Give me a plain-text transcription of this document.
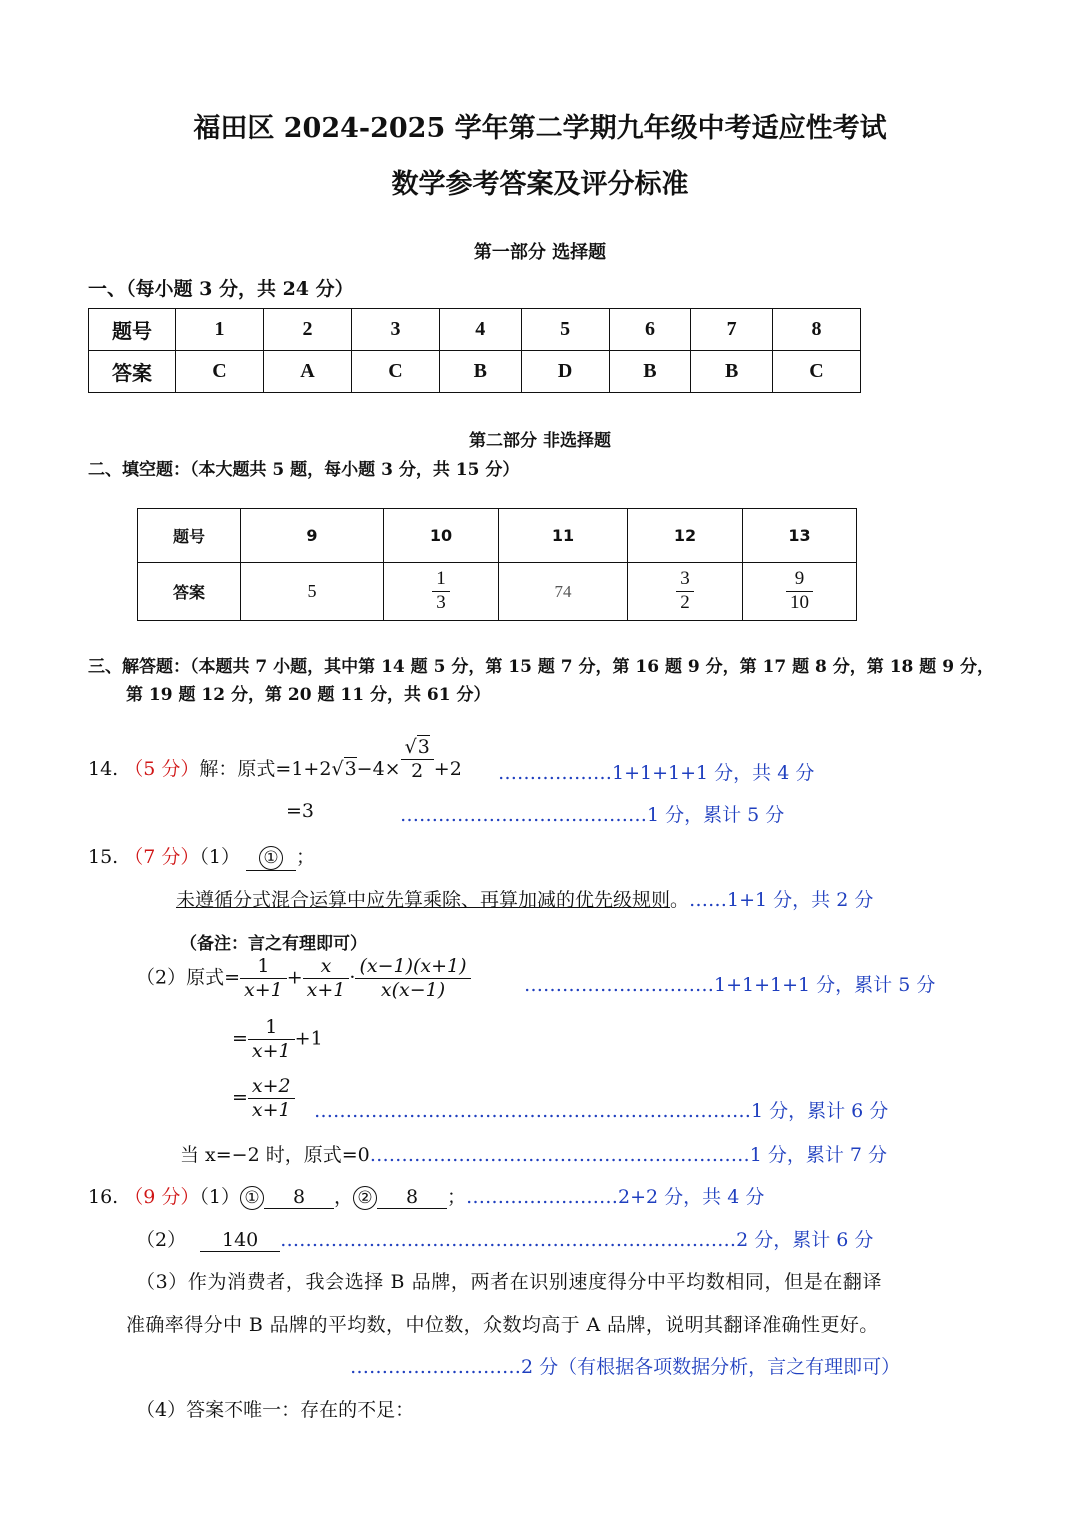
福田区 2024-2025 学年第二学期九年级中考适应性考试
数学参考答案及评分标准
第一部分 选择题
一、（每小题 3 分，共 24 分）
题号	1	2	3	4	5	6	7	8
答案	C	A	C	B	D	B	B	C
第二部分 非选择题
二、填空题：（本大题共 5 题，每小题 3 分，共 15 分）
题号	9	10	11	12	13
答案	5	$\frac{1}{3}$	74	$\frac{3}{2}$	$\frac{9}{10}$
三、解答题：（本题共 7 小题，其中第 14 题 5 分，第 15 题 7 分，第 16 题 9 分，第 17 题 8 分，第 18 题 9 分，
第 19 题 12 分，第 20 题 11 分，共 61 分）
14. （5 分）解：原式$=1+2√3-4\times \frac{√3}{2} +2$ ………………1+1+1+1 分，共 4 分
=3	…………………………………1 分，累计 5 分
15. （7 分）（1） ① ；
未遵循分式混合运算中应先算乘除、再算加减的优先级规则。……1+1 分，共 2 分
（备注：言之有理即可）
（2）原式= $\frac{1}{x+1} + \frac{x}{x+1} \cdot \frac{(x-1)(x+1)}{x(x-1)}$	…………………………1+1+1+1 分，累计 5 分
= $\frac{1}{x+1} +1$
= $\frac{x+2}{x+1}$ ……………………………………………………………1 分，累计 6 分
当 x=−2 时，原式=0……………………………………………………1 分，累计 7 分
16. （9 分）（1） ① 8 ， ② 8 ；……………………2+2 分，共 4 分
（2） 140 ………………………………………………………………2 分，累计 6 分
（3）作为消费者，我会选择 B 品牌，两者在识别速度得分中平均数相同，但是在翻译
准确率得分中 B 品牌的平均数，中位数，众数均高于 A 品牌，说明其翻译准确性更好。
………………………2 分（有根据各项数据分析，言之有理即可）
（4）答案不唯一：存在的不足：
